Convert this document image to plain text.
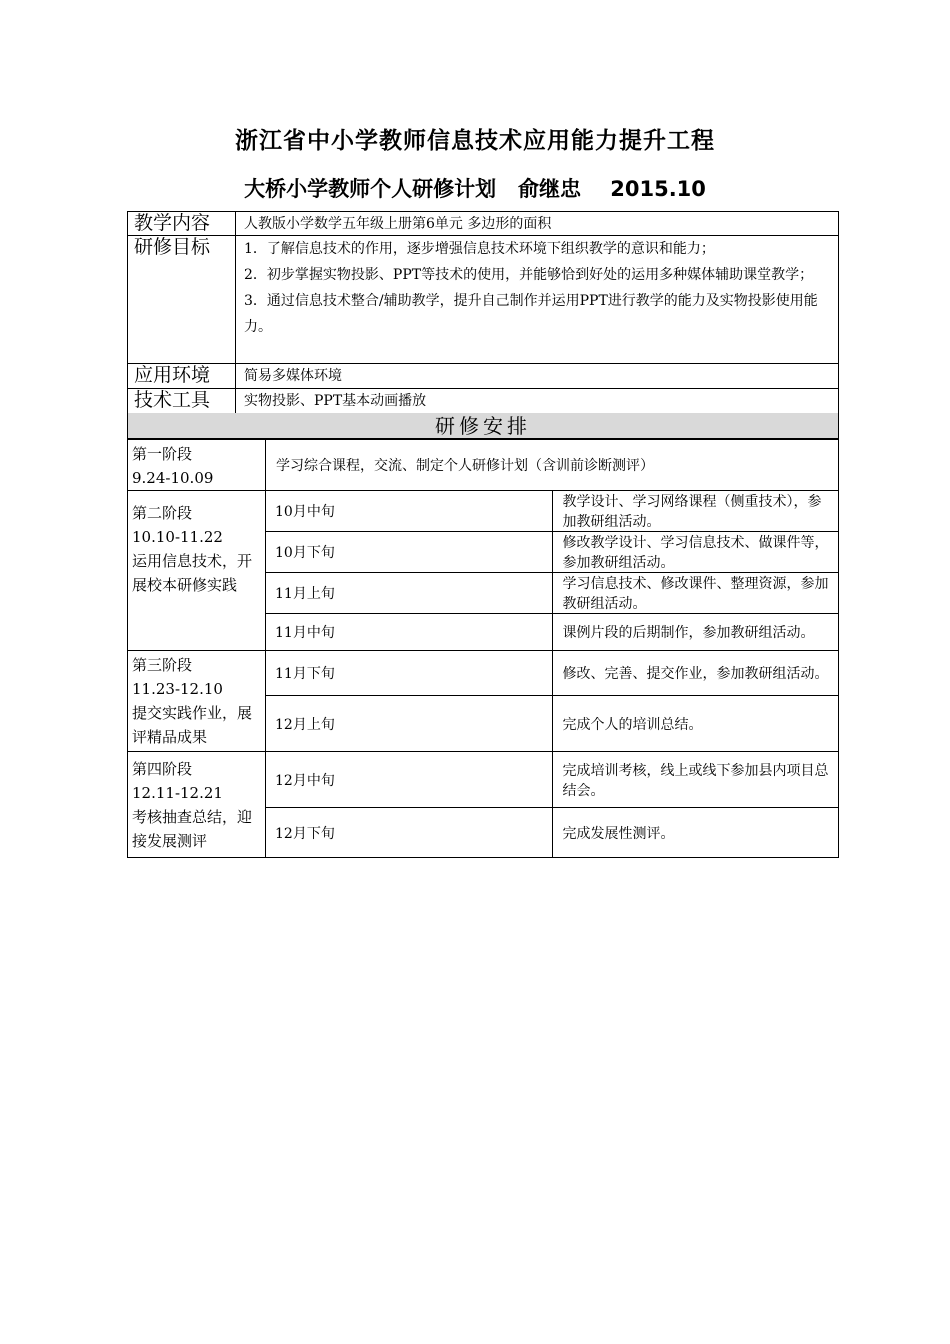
浙江省中小学教师信息技术应用能力提升工程
大桥小学教师个人研修计划   俞继忠    2015.10
教学内容	人教版小学数学五年级上册第6单元 多边形的面积
研修目标	1．了解信息技术的作用，逐步增强信息技术环境下组织教学的意识和能力；
2．初步掌握实物投影、PPT等技术的使用，并能够恰到好处的运用多种媒体辅助课堂教学；
3．通过信息技术整合/辅助教学，提升自己制作并运用PPT进行教学的能力及实物投影使用能力。

应用环境	简易多媒体环境
技术工具	实物投影、PPT基本动画播放
研修安排
第一阶段
9.24-10.09	学习综合课程，交流、制定个人研修计划（含训前诊断测评）	

第二阶段
10.10-11.22
运用信息技术，开展校本研修实践	10月中旬	教学设计、学习网络课程（侧重技术），参加教研组活动。
	10月下旬	修改教学设计、学习信息技术、做课件等，参加教研组活动。
	11月上旬	学习信息技术、修改课件、整理资源，参加教研组活动。
	11月中旬	课例片段的后期制作，参加教研组活动。

第三阶段
11.23-12.10
提交实践作业，展评精品成果	11月下旬	修改、完善、提交作业，参加教研组活动。
	12月上旬	完成个人的培训总结。

第四阶段
12.11-12.21
考核抽查总结，迎接发展测评	12月中旬	完成培训考核，线上或线下参加县内项目总结会。
	12月下旬	完成发展性测评。
